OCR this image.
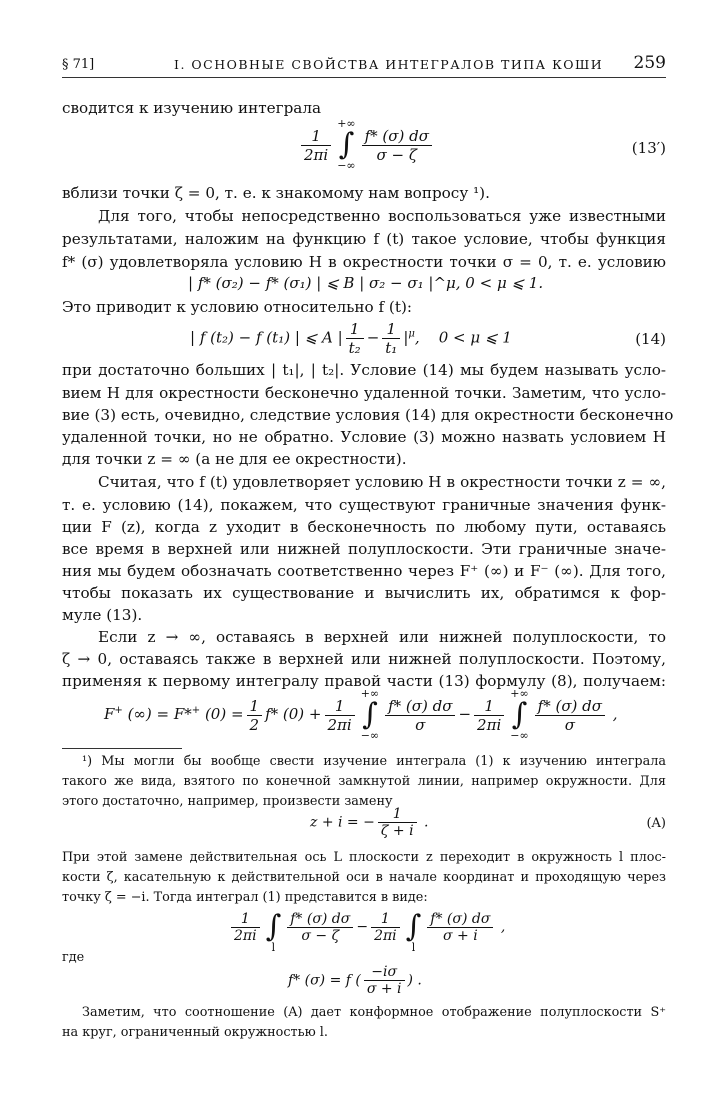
§ 71]	I. ОСНОВНЫЕ СВОЙСТВА ИНТЕГРАЛОВ ТИПА КОШИ 259
сводится к изучению интеграла
$\frac{1}{2\pi i}$
+∞
∫
−∞
$\frac{f* (\sigma) d\sigma}{\sigma - \zeta}$	(13′)
вблизи точки ζ = 0, т. е. к знакомому нам вопросу ¹).
Для того, чтобы непосредственно воспользоваться уже известными
результатами, наложим на функцию f (t) такое условие, чтобы функция
f* (σ) удовлетворяла условию H в окрестности точки σ = 0, т. е. условию
| f* (σ₂) − f* (σ₁) | ⩽ B | σ₂ − σ₁ |^μ, 0 < μ ⩽ 1.
Это приводит к условию относительно f (t):
| f (t₂) − f (t₁) | ⩽ A | $\frac{1}{\text{t₂}} - \frac{1}{\text{t₁}} |^\mu$,    0 < μ ⩽ 1	(14)
при достаточно больших | t₁|, | t₂|. Условие (14) мы будем называть усло-
вием H для окрестности бесконечно удаленной точки. Заметим, что усло-
вие (3) есть, очевидно, следствие условия (14) для окрестности бесконечно
удаленной точки, но не обратно. Условие (3) можно назвать условием H
для точки z = ∞ (а не для ее окрестности).
Считая, что f (t) удовлетворяет условию H в окрестности точки z = ∞,
т. е. условию (14), покажем, что существуют граничные значения функ-
ции F (z), когда z уходит в бесконечность по любому пути, оставаясь
все время в верхней или нижней полуплоскости. Эти граничные значе-
ния мы будем обозначать соответственно через F⁺ (∞) и F⁻ (∞). Для того,
чтобы показать их существование и вычислить их, обратимся к фор-
муле (13).
Если z → ∞, оставаясь в верхней или нижней полуплоскости, то
ζ → 0, оставаясь также в верхней или нижней полуплоскости. Поэтому,
применяя к первому интегралу правой части (13) формулу (8), получаем:
F+ (∞) = F*+ $(0) = \frac{1}{2} f*$ $(0) + \frac{1}{2\pi i}$
+∞
∫
−∞
$\frac{f* (\sigma) d\sigma}{\sigma} - \frac{1}{2\pi i}$
+∞
∫
−∞
$\frac{f* (\sigma) d\sigma}{\sigma}$ ,
¹) Мы могли бы вообще свести изучение интеграла (1) к изучению интеграла
такого же вида, взятого по конечной замкнутой линии, например окружности. Для
этого достаточно, например, произвести замену
z + i = − $\frac{1}{\zeta + i}$ .	(A)
При этой замене действительная ось L плоскости z переходит в окружность l плос-
кости ζ, касательную к действительной оси в начале координат и проходящую через
точку ζ = −i. Тогда интеграл (1) представится в виде:
$\frac{1}{2\pi i}$
∫
l
$\frac{f* (\sigma) d\sigma}{\sigma - \zeta} - \frac{1}{2\pi i}$
∫
l
$\frac{f* (\sigma) d\sigma}{\sigma + i}$ ,
где
f* (σ) = f ( $\frac{-i\sigma}{\sigma + i}$ ) .
Заметим, что соотношение (A) дает конформное отображение полуплоскости S⁺
на круг, ограниченный окружностью l.
